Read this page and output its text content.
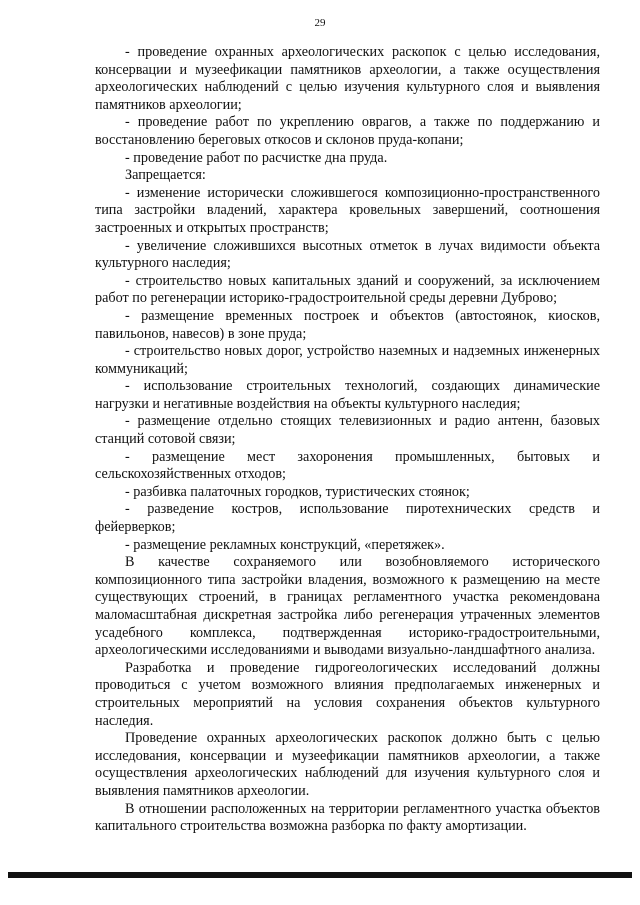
29

- проведение охранных археологических раскопок с целью исследования, консервации и музеефикации памятников археологии, а также осуществления археологических наблюдений с целью изучения культурного слоя и выявления памятников археологии;

- проведение работ по укреплению оврагов, а также по поддержанию и восстановлению береговых откосов и склонов пруда-копани;

- проведение работ по расчистке дна пруда.

Запрещается:

- изменение исторически сложившегося композиционно-пространственного типа застройки владений, характера кровельных завершений, соотношения застроенных и открытых пространств;

- увеличение сложившихся высотных отметок в лучах видимости объекта культурного наследия;

- строительство новых капитальных зданий и сооружений, за исключением работ по регенерации историко-градостроительной среды деревни Дуброво;

- размещение временных построек и объектов (автостоянок, киосков, павильонов, навесов) в зоне пруда;

- строительство новых дорог, устройство наземных и надземных инженерных коммуникаций;

- использование строительных технологий, создающих динамические нагрузки и негативные воздействия на объекты культурного наследия;

- размещение отдельно стоящих телевизионных и радио антенн, базовых станций сотовой связи;

- размещение мест захоронения промышленных, бытовых и сельскохозяйственных отходов;

- разбивка палаточных городков, туристических стоянок;

- разведение костров, использование пиротехнических средств и фейерверков;

- размещение рекламных конструкций, «перетяжек».

В качестве сохраняемого или возобновляемого исторического композиционного типа застройки владения, возможного к размещению на месте существующих строений, в границах регламентного участка рекомендована маломасштабная дискретная застройка либо регенерация утраченных элементов усадебного комплекса, подтвержденная историко-градостроительными, археологическими исследованиями и выводами визуально-ландшафтного анализа.

Разработка и проведение гидрогеологических исследований должны проводиться с учетом возможного влияния предполагаемых инженерных и строительных мероприятий на условия сохранения объектов культурного наследия.

Проведение охранных археологических раскопок должно быть с целью исследования, консервации и музеефикации памятников археологии, а также осуществления археологических наблюдений для изучения культурного слоя и выявления памятников археологии.

В отношении расположенных на территории регламентного участка объектов капитального строительства возможна разборка по факту амортизации.
